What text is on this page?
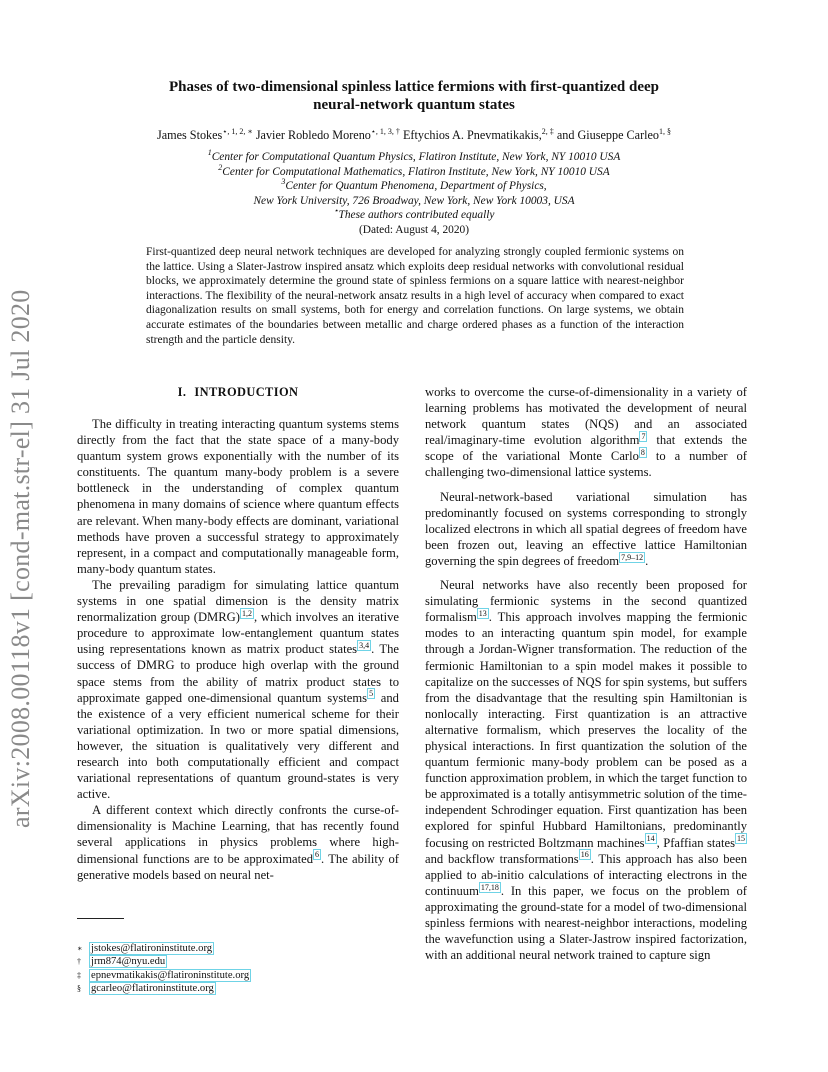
arXiv:2008.00118v1 [cond-mat.str-el] 31 Jul 2020
Phases of two-dimensional spinless lattice fermions with first-quantized deep
neural-network quantum states
James Stokes$^{⋆, 1, 2, ∗}$ Javier Robledo Moreno$^{⋆, 1, 3, \dagger}$ Eftychios A. Pnevmatikakis,$^{2, \ddagger}$ and Giuseppe Carleo$^{1, \S}$
$^1$Center for Computational Quantum Physics, Flatiron Institute, New York, NY 10010 USA
$^2$Center for Computational Mathematics, Flatiron Institute, New York, NY 10010 USA
$^3$Center for Quantum Phenomena, Department of Physics,
New York University, 726 Broadway, New York, New York 10003, USA
⋆These authors contributed equally
(Dated: August 4, 2020)
First-quantized deep neural network techniques are developed for analyzing strongly coupled fermionic systems on the lattice. Using a Slater-Jastrow inspired ansatz which exploits deep residual networks with convolutional residual blocks, we approximately determine the ground state of spinless fermions on a square lattice with nearest-neighbor interactions. The flexibility of the neural-network ansatz results in a high level of accuracy when compared to exact diagonalization results on small systems, both for energy and correlation functions. On large systems, we obtain accurate estimates of the boundaries between metallic and charge ordered phases as a function of the interaction strength and the particle density.
I. INTRODUCTION

The difficulty in treating interacting quantum systems stems directly from the fact that the state space of a many-body quantum system grows exponentially with the number of its constituents. The quantum many-body problem is a severe bottleneck in the understanding of complex quantum phenomena in many domains of science where quantum effects are relevant. When many-body effects are dominant, variational methods have proven a successful strategy to approximately represent, in a compact and computationally manageable form, many-body quantum states.

The prevailing paradigm for simulating lattice quantum systems in one spatial dimension is the density matrix renormalization group (DMRG) $^{1,2}$ , which involves an iterative procedure to approximate low-entanglement quantum states using representations known as matrix product states $^{3,4}$ . The success of DMRG to produce high overlap with the ground space stems from the ability of matrix product states to approximate gapped one-dimensional quantum systems $^5$ and the existence of a very efficient numerical scheme for their variational optimization. In two or more spatial dimensions, however, the situation is qualitatively very different and research into both computationally efficient and compact variational representations of quantum ground-states is very active.

A different context which directly confronts the curse-of-dimensionality is Machine Learning, that has recently found several applications in physics problems where high-dimensional functions are to be approximated $^6$ . The ability of generative models based on neural net-

works to overcome the curse-of-dimensionality in a variety of learning problems has motivated the development of neural network quantum states (NQS) and an associated real/imaginary-time evolution algorithm $^7$ that extends the scope of the variational Monte Carlo $^8$ to a number of challenging two-dimensional lattice systems.

Neural-network-based variational simulation has predominantly focused on systems corresponding to strongly localized electrons in which all spatial degrees of freedom have been frozen out, leaving an effective lattice Hamiltonian governing the spin degrees of freedom $^{7,9-12}$ .

Neural networks have also recently been proposed for simulating fermionic systems in the second quantized formalism $^{13}$ . This approach involves mapping the fermionic modes to an interacting quantum spin model, for example through a Jordan-Wigner transformation. The reduction of the fermionic Hamiltonian to a spin model makes it possible to capitalize on the successes of NQS for spin systems, but suffers from the disadvantage that the resulting spin Hamiltonian is nonlocally interacting. First quantization is an attractive alternative formalism, which preserves the locality of the physical interactions. In first quantization the solution of the quantum fermionic many-body problem can be posed as a function approximation problem, in which the target function to be approximated is a totally antisymmetric solution of the time-independent Schrodinger equation. First quantization has been explored for spinful Hubbard Hamiltonians, predominantly focusing on restricted Boltzmann machines $^{14}$ , Pfaffian states $^{15}$ and backflow transformations $^{16}$ . This approach has also been applied to ab-initio calculations of interacting electrons in the continuum $^{17,18}$ . In this paper, we focus on the problem of approximating the ground-state for a model of two-dimensional spinless fermions with nearest-neighbor interactions, modeling the wavefunction using a Slater-Jastrow inspired factorization, with an additional neural network trained to capture sign

∗ jstokes@flatironinstitute.org
† jrm874@nyu.edu
‡ epnevmatikakis@flatironinstitute.org
§ gcarleo@flatironinstitute.org
